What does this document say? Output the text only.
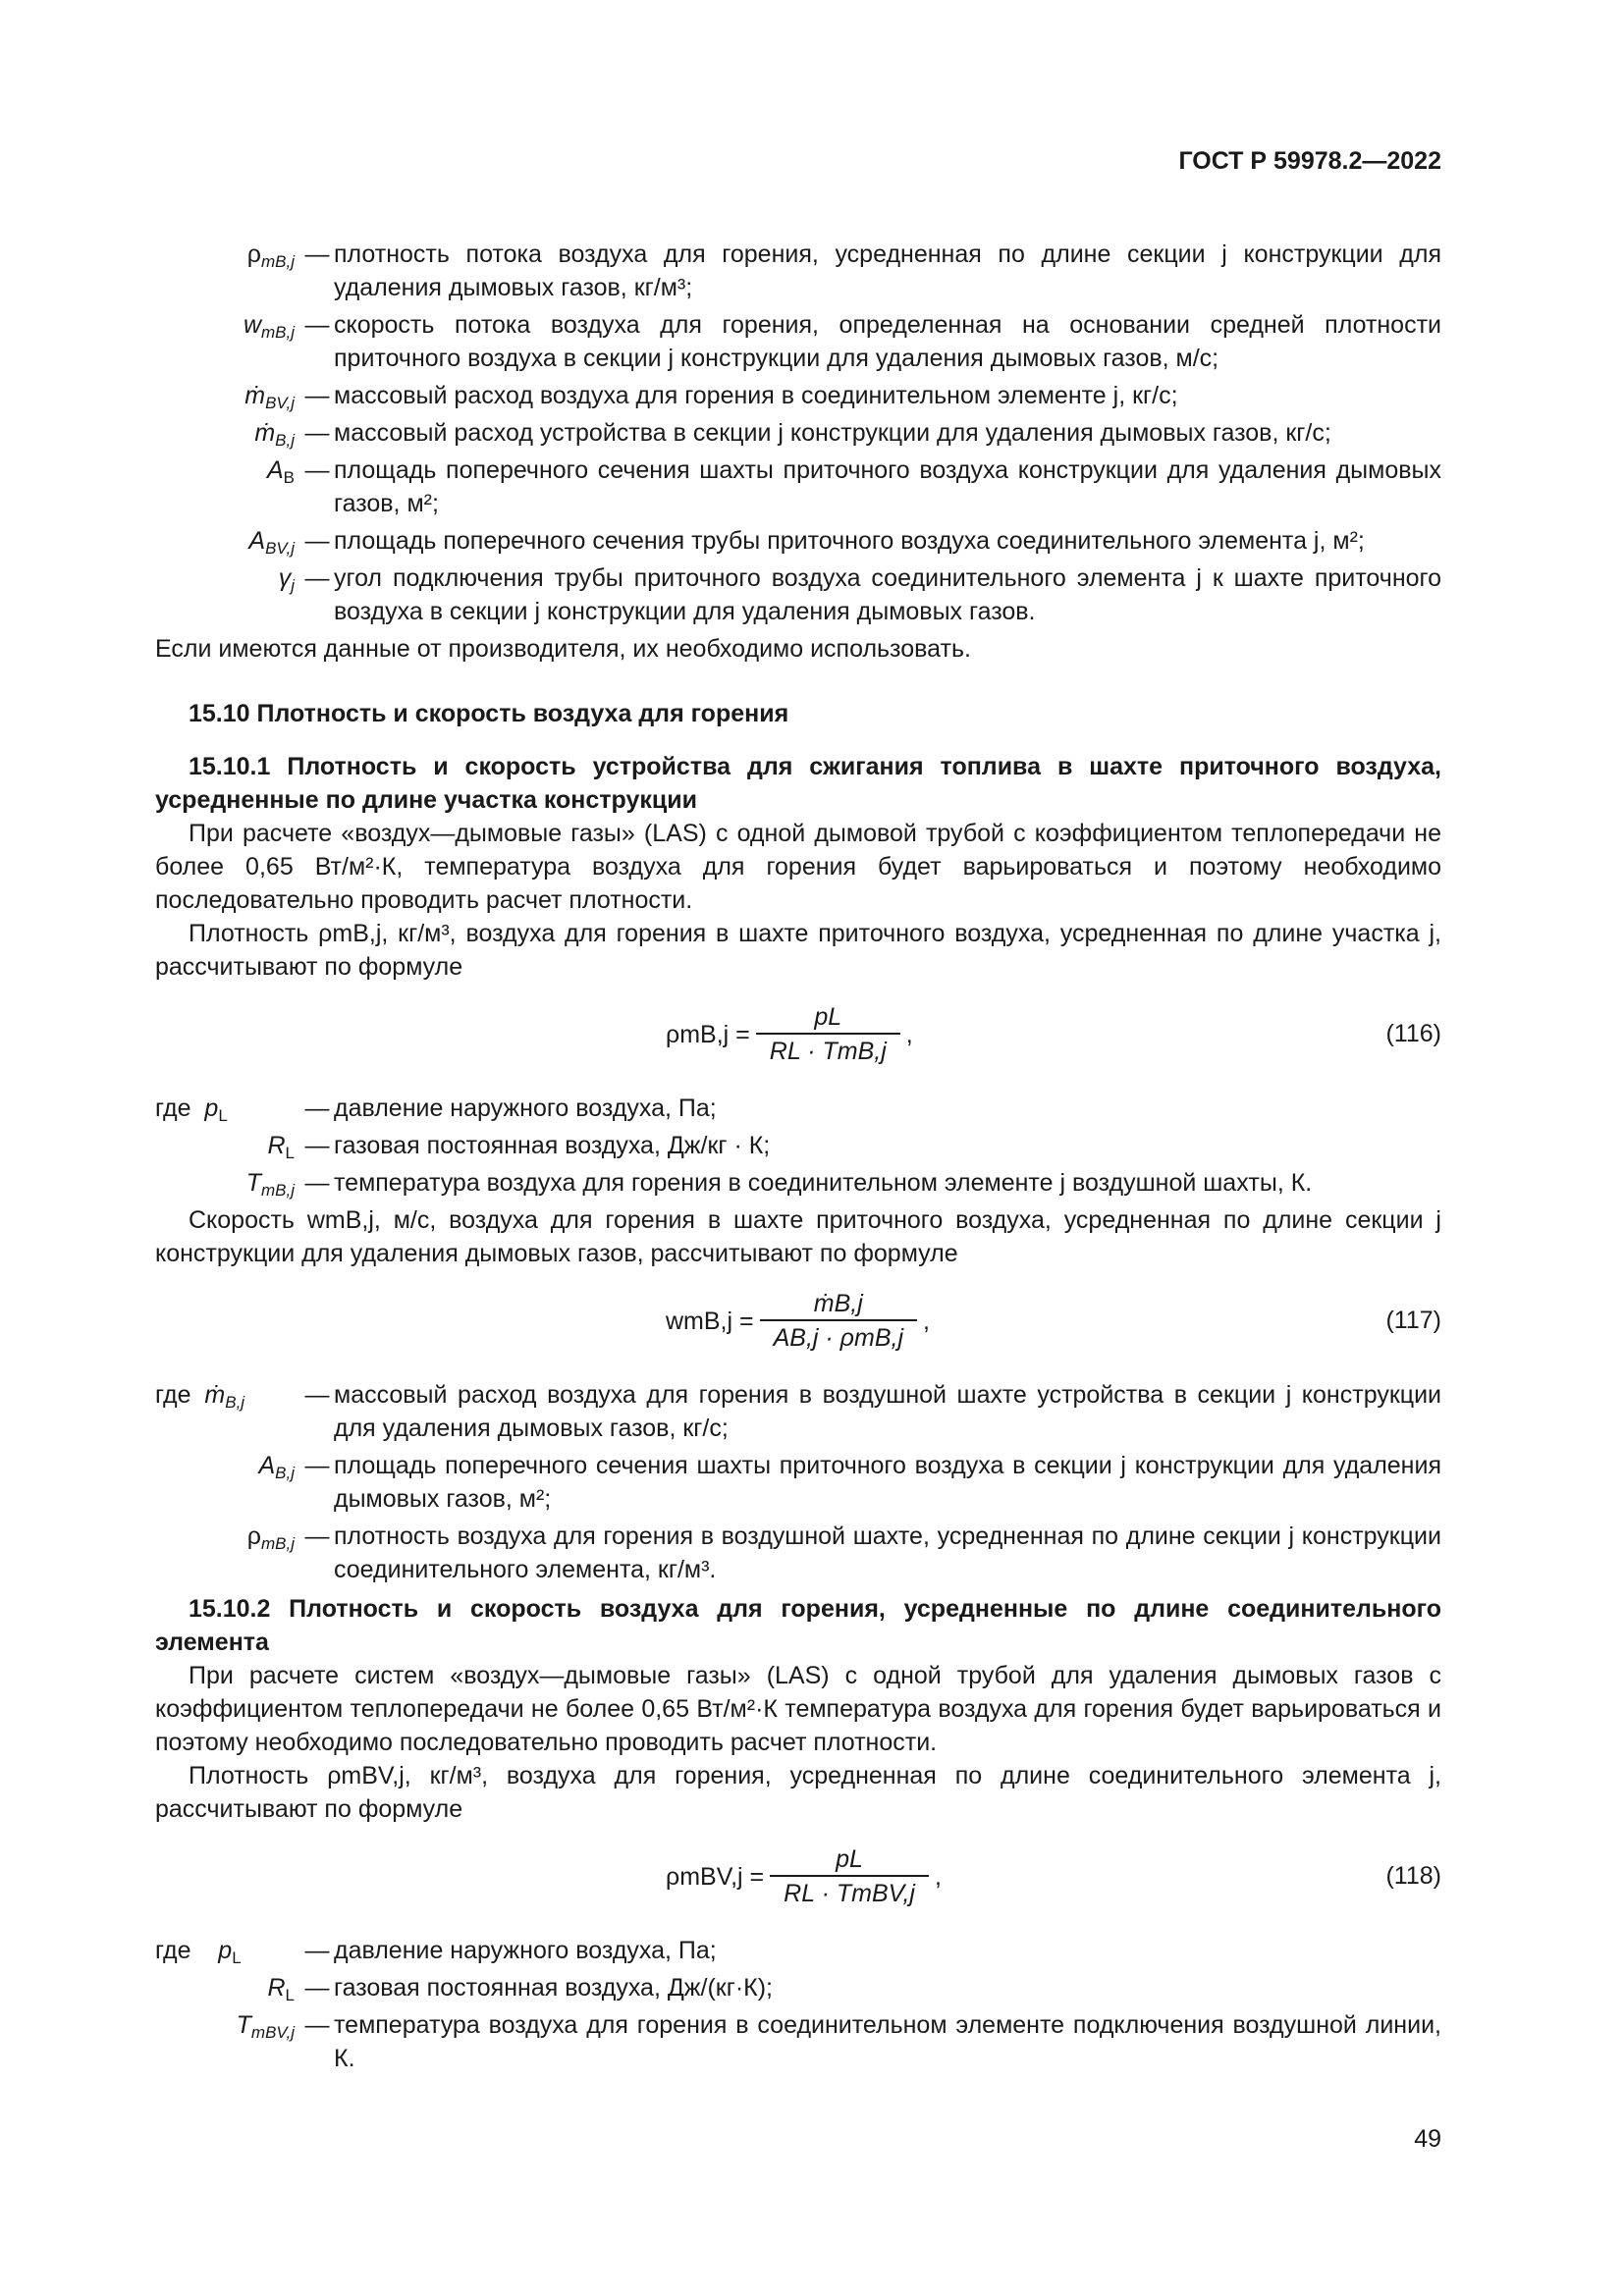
ГОСТ Р 59978.2—2022
$\rho_{mB,j}$ — плотность потока воздуха для горения, усредненная по длине секции j конструкции для удаления дымовых газов, кг/м³;
$w_{mB,j}$ — скорость потока воздуха для горения, определенная на основании средней плотности приточного воздуха в секции j конструкции для удаления дымовых газов, м/с;
ṁ$_{BV,j}$ — массовый расход воздуха для горения в соединительном элементе j, кг/с;
ṁ$_{B,j}$ — массовый расход устройства в секции j конструкции для удаления дымовых газов, кг/с;
$A_B$ — площадь поперечного сечения шахты приточного воздуха конструкции для удаления дымовых газов, м²;
$A_{BV,j}$ — площадь поперечного сечения трубы приточного воздуха соединительного элемента j, м²;
$\gamma_j$ — угол подключения трубы приточного воздуха соединительного элемента j к шахте приточного воздуха в секции j конструкции для удаления дымовых газов.

Если имеются данные от производителя, их необходимо использовать.

15.10 Плотность и скорость воздуха для горения
15.10.1 Плотность и скорость устройства для сжигания топлива в шахте приточного воздуха, усредненные по длине участка конструкции

При расчете «воздух—дымовые газы» (LAS) с одной дымовой трубой с коэффициентом теплопередачи не более 0,65 Вт/м²·К, температура воздуха для горения будет варьироваться и поэтому необходимо последовательно проводить расчет плотности.

Плотность ρmB,j, кг/м³, воздуха для горения в шахте приточного воздуха, усредненная по длине участка j, рассчитывают по формуле

$\rho mB,j = \frac{pL}{\text{RL · TmB,j}}$ ,	(116)
где $p_L$	— давление наружного воздуха, Па;
$R_L$ — газовая постоянная воздуха, Дж/кг · К;
$T_{mB,j}$ — температура воздуха для горения в соединительном элементе j воздушной шахты, К.

Скорость wmB,j, м/с, воздуха для горения в шахте приточного воздуха, усредненная по длине секции j конструкции для удаления дымовых газов, рассчитывают по формуле

$wmB,j = \frac{\text{ṁB,j}}{\text{AB,j · ρmB,j}}$ ,	(117)
где ṁ$_{B,j}$	— массовый расход воздуха для горения в воздушной шахте устройства в секции j конструкции для удаления дымовых газов, кг/с;
$A_{B,j}$ — площадь поперечного сечения шахты приточного воздуха в секции j конструкции для удаления дымовых газов, м²;
$\rho_{mB,j}$ — плотность воздуха для горения в воздушной шахте, усредненная по длине секции j конструкции соединительного элемента, кг/м³.
15.10.2 Плотность и скорость воздуха для горения, усредненные по длине соединительного элемента

При расчете систем «воздух—дымовые газы» (LAS) с одной трубой для удаления дымовых газов с коэффициентом теплопередачи не более 0,65 Вт/м²·К температура воздуха для горения будет варьироваться и поэтому необходимо последовательно проводить расчет плотности.

Плотность ρmBV,j, кг/м³, воздуха для горения, усредненная по длине соединительного элемента j, рассчитывают по формуле

$\rho mBV,j = \frac{pL}{\text{RL · TmBV,j}}$ ,	(118)
где $p_L$	— давление наружного воздуха, Па;
$R_L$ — газовая постоянная воздуха, Дж/(кг·К);
$T_{mBV,j}$ — температура воздуха для горения в соединительном элементе подключения воздушной линии, К.
49
